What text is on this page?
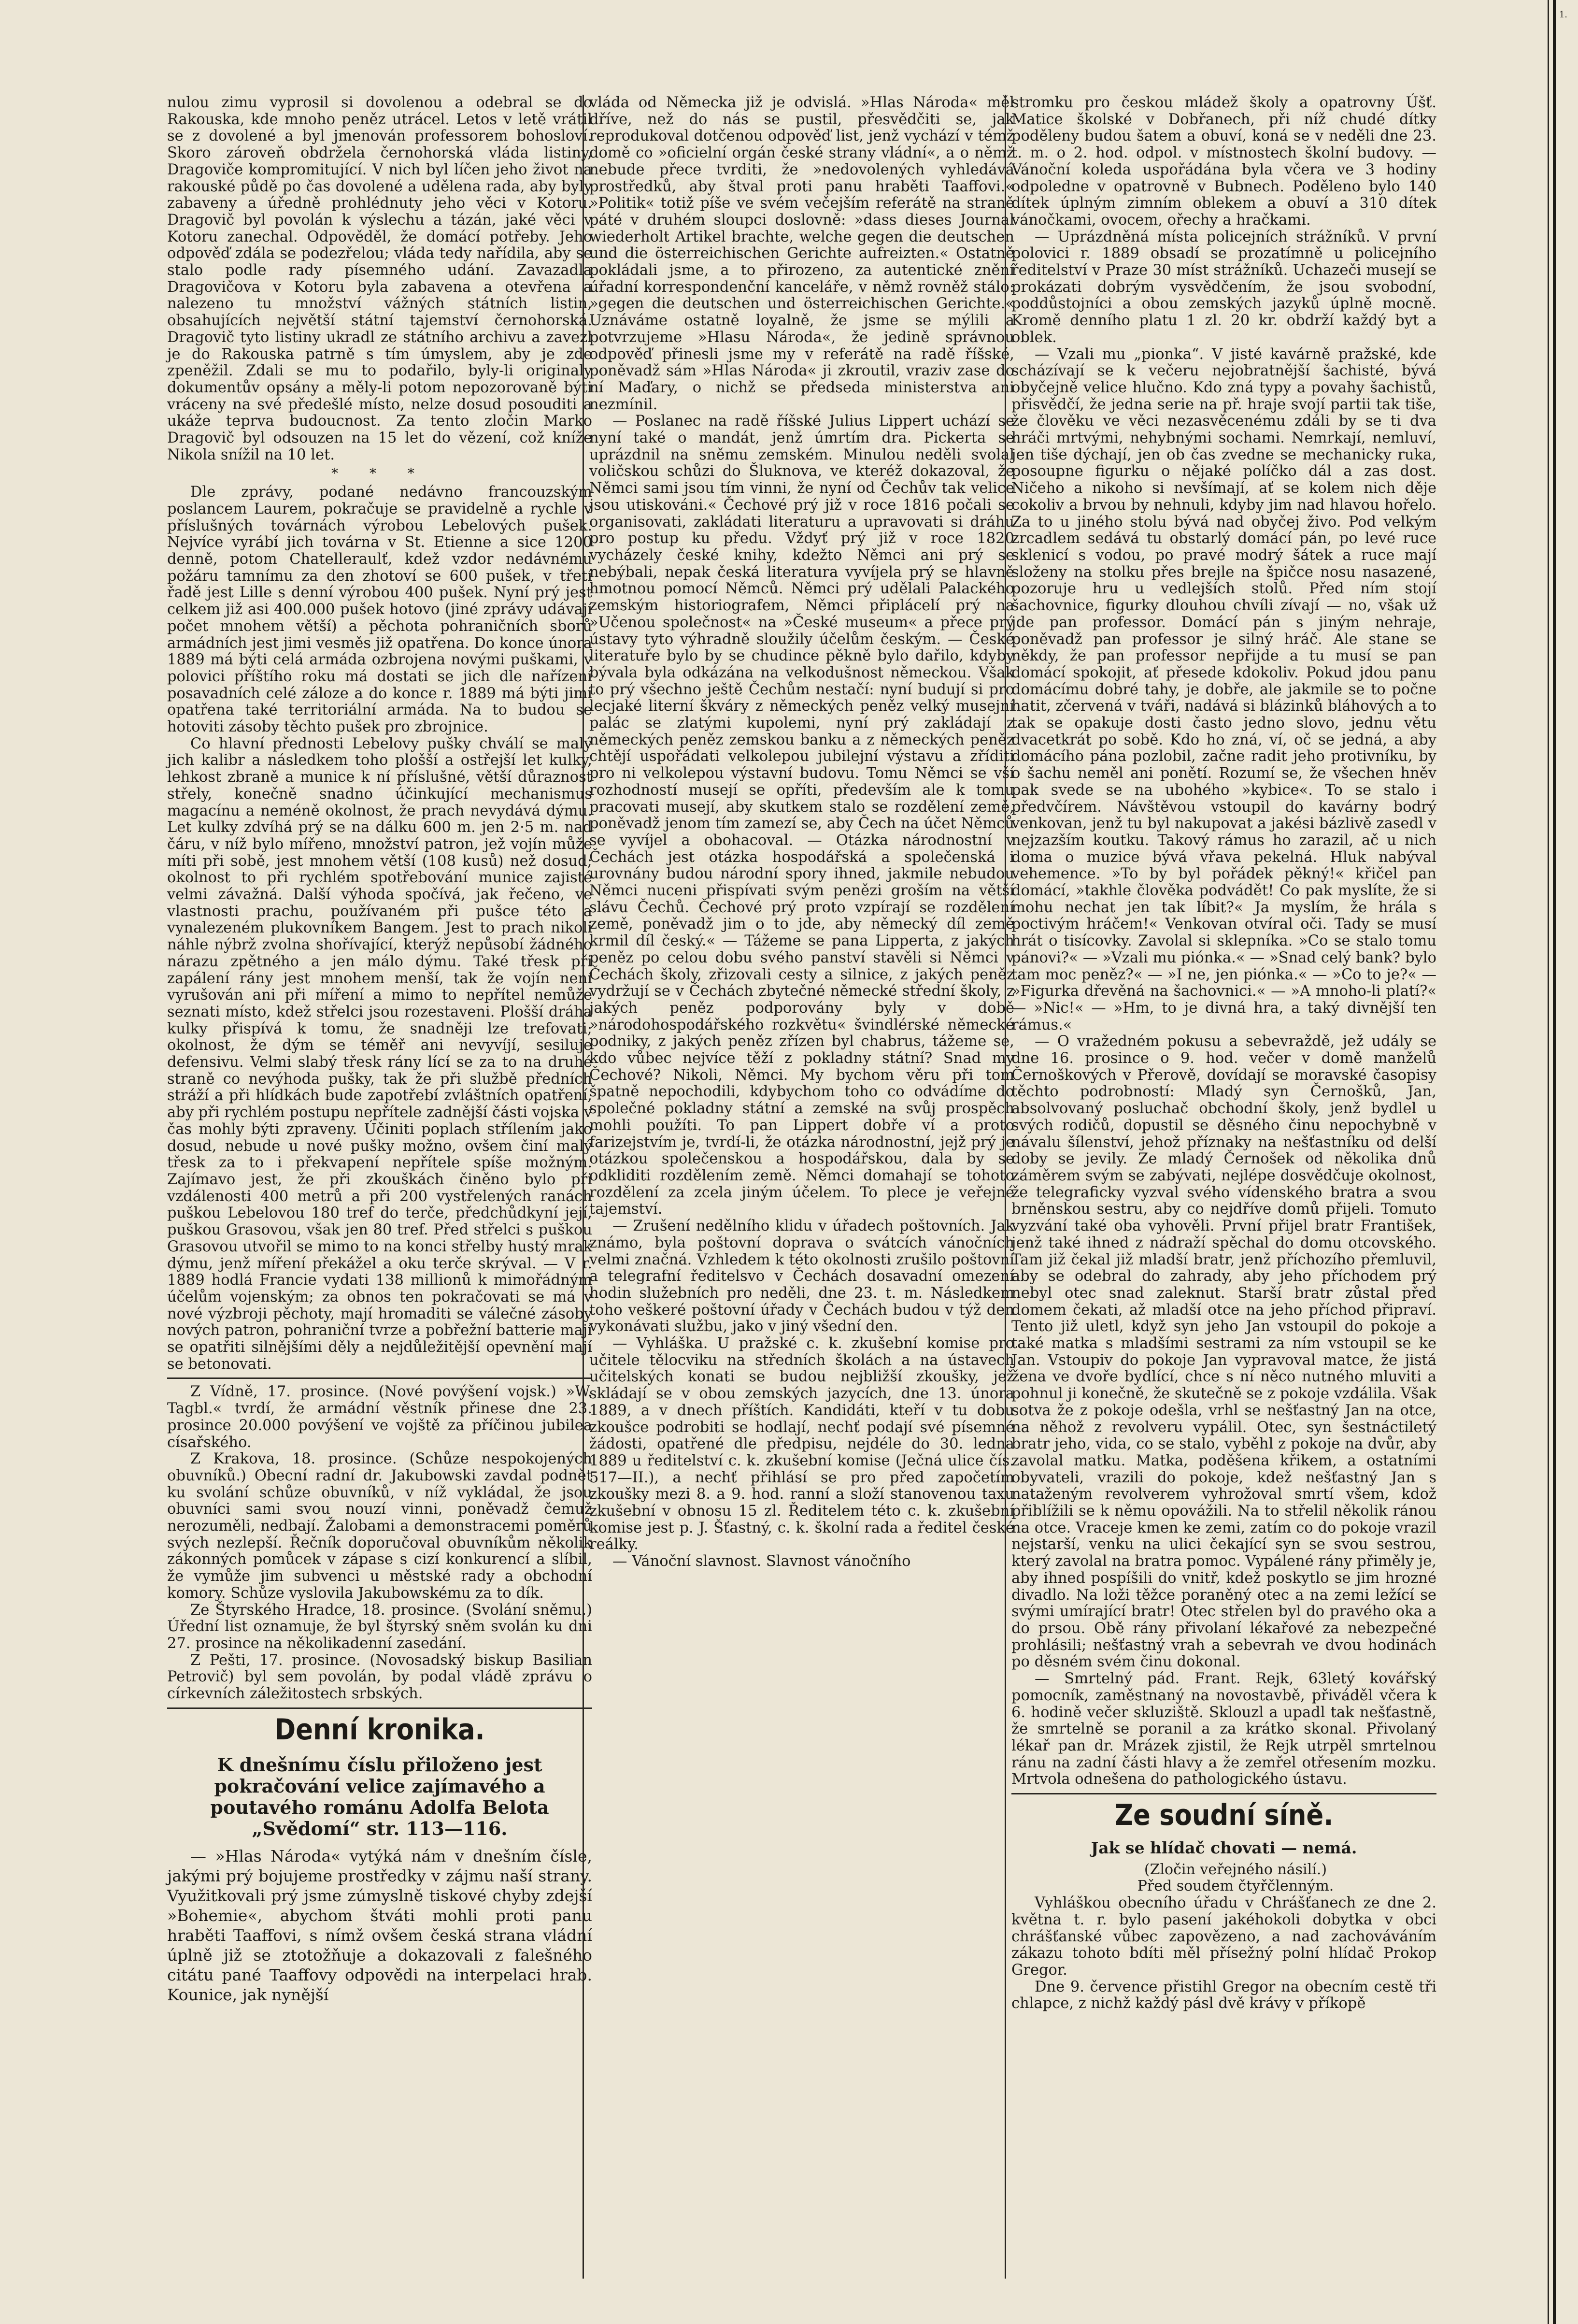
1.

nulou zimu vyprosil si dovolenou a odebral se do Rakouska, kde mnoho peněz utrácel. Letos v letě vrátil se z dovolené a byl jmenován professorem bohosloví. Skoro zároveň obdržela černohorská vláda listiny, Dragoviče kompromitující. V nich byl líčen jeho život na rakouské půdě po čas dovolené a udělena rada, aby byly zabaveny a úředně prohlédnuty jeho věci v Kotoru. Dragovič byl povolán k výslechu a tázán, jaké věci v Kotoru zanechal. Odpověděl, že domácí potřeby. Jeho odpověď zdála se podezřelou; vláda tedy nařídila, aby se stalo podle rady písemného udání. Zavazadla Dragovičova v Kotoru byla zabavena a otevřena a nalezeno tu množství vážných státních listin, obsahujících největší státní tajemství černohorská. Dragovič tyto listiny ukradl ze státního archivu a zavezl je do Rakouska patrně s tím úmyslem, aby je zde zpeněžil. Zdali se mu to podařilo, byly-li originaly dokumentův opsány a měly-li potom nepozorovaně býti vráceny na své předešlé místo, nelze dosud posouditi a ukáže teprva budoucnost. Za tento zločin Marko Dragovič byl odsouzen na 15 let do vězení, což kníže Nikola snížil na 10 let.

* * *

Dle zprávy, podané nedávno francouzským poslancem Laurem, pokračuje se pravidelně a rychle v příslušných továrnách výrobou Lebelových pušek. Nejvíce vyrábí jich továrna v St. Etienne a sice 1200 denně, potom Chatelleraulť, kdež vzdor nedávnému požáru tamnímu za den zhotoví se 600 pušek, v třetí řadě jest Lille s denní výrobou 400 pušek. Nyní prý jest celkem již asi 400.000 pušek hotovo (jiné zprávy udávají počet mnohem větší) a pěchota pohraničních sborů armádních jest jimi vesměs již opatřena. Do konce února 1889 má býti celá armáda ozbrojena novými puškami, v polovici příštího roku má dostati se jich dle nařízení posavadních celé záloze a do konce r. 1889 má býti jimi opatřena také territoriální armáda. Na to budou se hotoviti zásoby těchto pušek pro zbrojnice.

Co hlavní přednosti Lebelovy pušky chválí se malý jich kalibr a následkem toho plošší a ostřejší let kulky, lehkost zbraně a munice k ní příslušné, větší důraznost střely, konečně snadno účinkující mechanismus magacínu a neméně okolnost, že prach nevydává dýmu. Let kulky zdvíhá prý se na dálku 600 m. jen 2·5 m. nad čáru, v níž bylo mířeno, množství patron, jež vojín může míti při sobě, jest mnohem větší (108 kusů) než dosud; okolnost to při rychlém spotřebování munice zajisté velmi závažná. Další výhoda spočívá, jak řečeno, ve vlastnosti prachu, používaném při pušce této a vynalezeném plukovníkem Bangem. Jest to prach nikoli náhle nýbrž zvolna shořívající, kterýž nepůsobí žádného nárazu zpětného a jen málo dýmu. Také třesk při zapálení rány jest mnohem menší, tak že vojín není vyrušován ani při míření a mimo to nepřítel nemůže seznati místo, kdež střelci jsou rozestaveni. Plošší dráha kulky přispívá k tomu, že snadněji lze trefovati; okolnost, že dým se téměř ani nevyvíjí, sesiluje defensivu. Velmi slabý třesk rány lící se za to na druhé straně co nevýhoda pušky, tak že při službě předních stráží a při hlídkách bude zapotřebí zvláštních opatření, aby při rychlém postupu nepřítele zadnější části vojska v čas mohly býti zpraveny. Účiniti poplach střílením jako dosud, nebude u nové pušky možno, ovšem činí malý třesk za to i překvapení nepřítele spíše možným. Zajímavo jest, že při zkouškách činěno bylo při vzdálenosti 400 metrů a při 200 vystřelených ranách puškou Lebelovou 180 tref do terče, předchůdkyní její, puškou Grasovou, však jen 80 tref. Před střelci s puškou Grasovou utvořil se mimo to na konci střelby hustý mrak dýmu, jenž míření překážel a oku terče skrýval. — V r. 1889 hodlá Francie vydati 138 millionů k mimořádným účelům vojenským; za obnos ten pokračovati se má v nové výzbroji pěchoty, mají hromaditi se válečné zásoby nových patron, pohraniční tvrze a pobřežní batterie mají se opatřiti silnějšími děly a nejdůležitější opevnění mají se betonovati.

Z Vídně, 17. prosince. (Nové povýšení vojsk.) »W. Tagbl.« tvrdí, že armádní věstník přinese dne 23. prosince 20.000 povýšení ve vojště za příčinou jubilea císařského.

Z Krakova, 18. prosince. (Schůze nespokojených obuvníků.) Obecní radní dr. Jakubowski zavdal podnět ku svolání schůze obuvníků, v níž vykládal, že jsou obuvníci sami svou nouzí vinni, poněvadž čemuž nerozuměli, nedbají. Žalobami a demonstracemi poměrů svých nezlepší. Řečník doporučoval obuvníkům několik zákonných pomůcek v zápase s cizí konkurencí a slíbil, že vymůže jim subvenci u městské rady a obchodní komory. Schůze vyslovila Jakubowskému za to dík.

Ze Štyrského Hradce, 18. prosince. (Svolání sněmu.) Úřední list oznamuje, že byl štyrský sněm svolán ku dni 27. prosince na několikadenní zasedání.

Z Pešti, 17. prosince. (Novosadský biskup Basilian Petrovič) byl sem povolán, by podal vládě zprávu o církevních záležitostech srbských.

Denní kronika.
K dnešnímu číslu přiloženo jest pokračování velice zajímavého a poutavého románu Adolfa Belota „Svědomí“ str. 113—116.

— »Hlas Národa« vytýká nám v dnešním čísle, jakými prý bojujeme prostředky v zájmu naší strany. Využitkovali prý jsme zúmyslně tiskové chyby zdejší »Bohemie«, abychom štváti mohli proti panu hraběti Taaffovi, s nímž ovšem česká strana vládní úplně již se ztotožňuje a dokazovali z falešného citátu pané Taaffovy odpovědi na interpelaci hrab. Kounice, jak nynější

vláda od Německa již je odvislá. »Hlas Národa« měl dříve, než do nás se pustil, přesvědčiti se, jak reprodukoval dotčenou odpověď list, jenž vychází v témž domě co »oficielní orgán české strany vládní«, a o němž nebude přece tvrditi, že »nedovolených vyhledává prostředků, aby štval proti panu hraběti Taaffovi.« »Politik« totiž píše ve svém večejším referátě na straně páté v druhém sloupci doslovně: »dass dieses Journal wiederholt Artikel brachte, welche gegen die deutschen und die österreichischen Gerichte aufreizten.« Ostatně pokládali jsme, a to přirozeno, za autentické znění úřadní korrespondenční kanceláře, v němž rovněž stálo: »gegen die deutschen und österreichischen Gerichte.« Uznáváme ostatně loyalně, že jsme se mýlili a potvrzujeme »Hlasu Národa«, že jedině správnou odpověď přinesli jsme my v referátě na radě říšské, poněvadž sám »Hlas Národa« ji zkroutil, vraziv zase do ní Maďary, o nichž se předseda ministerstva ani nezmínil.

— Poslanec na radě říšské Julius Lippert uchází se nyní také o mandát, jenž úmrtím dra. Pickerta se uprázdnil na sněmu zemském. Minulou neděli svolal voličskou schůzi do Šluknova, ve kteréž dokazoval, že Němci sami jsou tím vinni, že nyní od Čechův tak velice jsou utiskováni.« Čechové prý již v roce 1816 počali se organisovati, zakládati literaturu a upravovati si dráhu pro postup ku předu. Vždyť prý již v roce 1820 vycházely české knihy, kdežto Němci ani prý se nebýbali, nepak česká literatura vyvíjela prý se hlavně hmotnou pomocí Němců. Němci prý udělali Palackého zemským historiografem, Němci připlácelí prý na »Učenou společnost« na »České museum« a přece prý ústavy tyto výhradně sloužily účelům českým. — České literatuře bylo by se chudince pěkně bylo dařilo, kdyby bývala byla odkázána na velkodušnost německou. Však to prý všechno ještě Čechům nestačí: nyní budují si pro lecjaké literní škváry z německých peněz velký musejní palác se zlatými kupolemi, nyní prý zakládají z německých peněz zemskou banku a z německých peněz chtějí uspořádati velkolepou jubilejní výstavu a zříditi pro ni velkolepou výstavní budovu. Tomu Němci se vší rozhodností musejí se opříti, především ale k tomu pracovati musejí, aby skutkem stalo se rozdělení země, poněvadž jenom tím zamezí se, aby Čech na účet Němců se vyvíjel a obohacoval. — Otázka národnostní v Čechách jest otázka hospodářská a společenská i urovnány budou národní spory ihned, jakmile nebudou Němci nuceni přispívati svým penězi groším na větší slávu Čechů. Čechové prý proto vzpírají se rozdělení země, poněvadž jim o to jde, aby německý díl země krmil díl český.« — Tážeme se pana Lipperta, z jakých peněz po celou dobu svého panství stavěli si Němci v Čechách školy, zřizovali cesty a silnice, z jakých peněz vydržují se v Čechách zbytečné německé střední školy, z jakých peněz podporovány byly v době »národohospodářského rozkvětu« švindlérské německé podniky, z jakých peněz zřízen byl chabrus, tážeme se, kdo vůbec nejvíce těží z pokladny státní? Snad my Čechové? Nikoli, Němci. My bychom věru při tom špatně nepochodili, kdybychom toho co odvádíme do společné pokladny státní a zemské na svůj prospěch mohli použíti. To pan Lippert dobře ví a proto farizejstvím je, tvrdí-li, že otázka národnostní, jejž prý je otázkou společenskou a hospodářskou, dala by se odkliditi rozdělením země. Němci domahají se tohoto rozdělení za zcela jiným účelem. To plece je veřejné tajemství.

— Zrušení nedělního klidu v úřadech poštovních. Jak známo, byla poštovní doprava o svátcích vánočních velmi značná. Vzhledem k této okolnosti zrušilo poštovní a telegrafní ředitelsvo v Čechách dosavadní omezení hodin služebních pro neděli, dne 23. t. m. Následkem toho veškeré poštovní úřady v Čechách budou v týž den vykonávati službu, jako v jiný všední den.

— Vyhláška. U pražské c. k. zkušební komise pro učitele tělocviku na středních školách a na ústavech učitelských konati se budou nejbližší zkoušky, jež skládají se v obou zemských jazycích, dne 13. února 1889, a v dnech příštích. Kandidáti, kteří v tu dobu zkoušce podrobiti se hodlají, nechť podají své písemné žádosti, opatřené dle předpisu, nejdéle do 30. ledna 1889 u ředitelství c. k. zkušební komise (Ječná ulice čís. 517—II.), a nechť přihlásí se pro před započetím zkoušky mezi 8. a 9. hod. ranní a složí stanovenou taxu zkušební v obnosu 15 zl. Ředitelem této c. k. zkušební komise jest p. J. Šťastný, c. k. školní rada a ředitel české reálky.

— Vánoční slavnost. Slavnost vánočního

stromku pro českou mládež školy a opatrovny Úšť. Matice školské v Dobřanech, při níž chudé dítky poděleny budou šatem a obuví, koná se v neděli dne 23. t. m. o 2. hod. odpol. v místnostech školní budovy. — Vánoční koleda uspořádána byla včera ve 3 hodiny odpoledne v opatrovně v Bubnech. Poděleno bylo 140 dítek úplným zimním oblekem a obuví a 310 dítek vánočkami, ovocem, ořechy a hračkami.

— Uprázdněná místa policejních strážníků. V první polovici r. 1889 obsadí se prozatímně u policejního ředitelství v Praze 30 míst strážníků. Uchazeči musejí se prokázati dobrým vysvědčením, že jsou svobodní, poddůstojníci a obou zemských jazyků úplně mocně. Kromě denního platu 1 zl. 20 kr. obdrží každý byt a oblek.

— Vzali mu „pionka“. V jisté kavárně pražské, kde scházívají se k večeru nejobratnější šachisté, bývá obyčejně velice hlučno. Kdo zná typy a povahy šachistů, přisvědčí, že jedna serie na př. hraje svojí partii tak tiše, že člověku ve věci nezasvěcenému zdáli by se ti dva hráči mrtvými, nehybnými sochami. Nemrkají, nemluví, jen tiše dýchají, jen ob čas zvedne se mechanicky ruka, posoupne figurku o nějaké políčko dál a zas dost. Ničeho a nikoho si nevšímají, ať se kolem nich děje cokoliv a brvou by nehnuli, kdyby jim nad hlavou hořelo. Za to u jiného stolu bývá nad obyčej živo. Pod velkým zrcadlem sedává tu obstarlý domácí pán, po levé ruce sklenicí s vodou, po pravé modrý šátek a ruce mají složeny na stolku přes brejle na špičce nosu nasazené, pozoruje hru u vedlejších stolů. Před ním stojí šachovnice, figurky dlouhou chvíli zívají — no, však už jde pan professor. Domácí pán s jiným nehraje, poněvadž pan professor je silný hráč. Ale stane se někdy, že pan professor nepřijde a tu musí se pan domácí spokojit, ať přesede kdokoliv. Pokud jdou panu domácímu dobré tahy, je dobře, ale jakmile se to počne hatit, zčervená v tváři, nadává si blázinků bláhových a to tak se opakuje dosti často jedno slovo, jednu větu dvacetkrát po sobě. Kdo ho zná, ví, oč se jedná, a aby domácího pána pozlobil, začne radit jeho protivníku, by o šachu neměl ani ponětí. Rozumí se, že všechen hněv pak svede se na ubohého »kybice«. To se stalo i předvčírem. Návštěvou vstoupil do kavárny bodrý venkovan, jenž tu byl nakupovat a jakési bázlivě zasedl v nejzazším koutku. Takový rámus ho zarazil, ač u nich doma o muzice bývá vřava pekelná. Hluk nabýval vehemence. »To by byl pořádek pěkný!« křičel pan domácí, »takhle člověka podvádět! Co pak myslíte, že si mohu nechat jen tak líbit?« Ja myslím, že hrála s poctivým hráčem!« Venkovan otvíral oči. Tady se musí hrát o tisícovky. Zavolal si sklepníka. »Co se stalo tomu pánovi?« — »Vzali mu piónka.« — »Snad celý bank? bylo tam moc peněz?« — »I ne, jen piónka.« — »Co to je?« — »Figurka dřevěná na šachovnici.« — »A mnoho-li platí?« — »Nic!« — »Hm, to je divná hra, a taký divnější ten rámus.«

— O vražedném pokusu a sebevraždě, jež udály se dne 16. prosince o 9. hod. večer v domě manželů Černoškových v Přerově, dovídají se moravské časopisy těchto podrobností: Mladý syn Černošků, Jan, absolvovaný posluchač obchodní školy, jenž bydlel u svých rodičů, dopustil se děsného činu nepochybně v návalu šílenství, jehož příznaky na nešťastníku od delší doby se jevily. Ze mladý Černošek od několika dnů záměrem svým se zabývati, nejlépe dosvědčuje okolnost, že telegraficky vyzval svého vídenského bratra a svou brněnskou sestru, aby co nejdříve domů přijeli. Tomuto vyzvání také oba vyhověli. První přijel bratr František, jenž také ihned z nádraží spěchal do domu otcovského. Tam již čekal již mladší bratr, jenž příchozího přemluvil, aby se odebral do zahrady, aby jeho příchodem prý nebyl otec snad zaleknut. Starší bratr zůstal před domem čekati, až mladší otce na jeho příchod připraví. Tento již uletl, když syn jeho Jan vstoupil do pokoje a také matka s mladšími sestrami za ním vstoupil se ke Jan. Vstoupiv do pokoje Jan vypravoval matce, že jistá žena ve dvoře bydlící, chce s ní něco nutného mluviti a pohnul ji konečně, že skutečně se z pokoje vzdálila. Však sotva že z pokoje odešla, vrhl se nešťastný Jan na otce, na něhož z revolveru vypálil. Otec, syn šestnáctiletý bratr jeho, vida, co se stalo, vyběhl z pokoje na dvůr, aby zavolal matku. Matka, poděšena křikem, a ostatními obyvateli, vrazili do pokoje, kdež nešťastný Jan s nataženým revolverem vyhrožoval smrtí všem, kdož přiblížili se k němu opovážili. Na to střelil několik ránou na otce. Vraceje kmen ke zemi, zatím co do pokoje vrazil nejstarší, venku na ulici čekající syn se svou sestrou, který zavolal na bratra pomoc. Vypálené rány přiměly je, aby ihned pospíšili do vnitř, kdež poskytlo se jim hrozné divadlo. Na loži těžce poraněný otec a na zemi ležící se svými umírající bratr! Otec střelen byl do pravého oka a do prsou. Obě rány přivolaní lékařové za nebezpečné prohlásili; nešťastný vrah a sebevrah ve dvou hodinách po děsném svém činu dokonal.

— Smrtelný pád. Frant. Rejk, 63letý kovářský pomocník, zaměstnaný na novostavbě, přiváděl včera k 6. hodině večer skluziště. Sklouzl a upadl tak nešťastně, že smrtelně se poranil a za krátko skonal. Přivolaný lékař pan dr. Mrázek zjistil, že Rejk utrpěl smrtelnou ránu na zadní části hlavy a že zemřel otřesením mozku. Mrtvola odnešena do pathologického ústavu.

Ze soudní síně.
Jak se hlídač chovati — nemá.

(Zločin veřejného násilí.)

Před soudem čtyřčlenným.

Vyhláškou obecního úřadu v Chrášťanech ze dne 2. května t. r. bylo pasení jakéhokoli dobytka v obci chrášťanské vůbec zapovězeno, a nad zachováváním zákazu tohoto bdíti měl přísežný polní hlídač Prokop Gregor.

Dne 9. července přistihl Gregor na obecním cestě tři chlapce, z nichž každý pásl dvě krávy v příkopě
